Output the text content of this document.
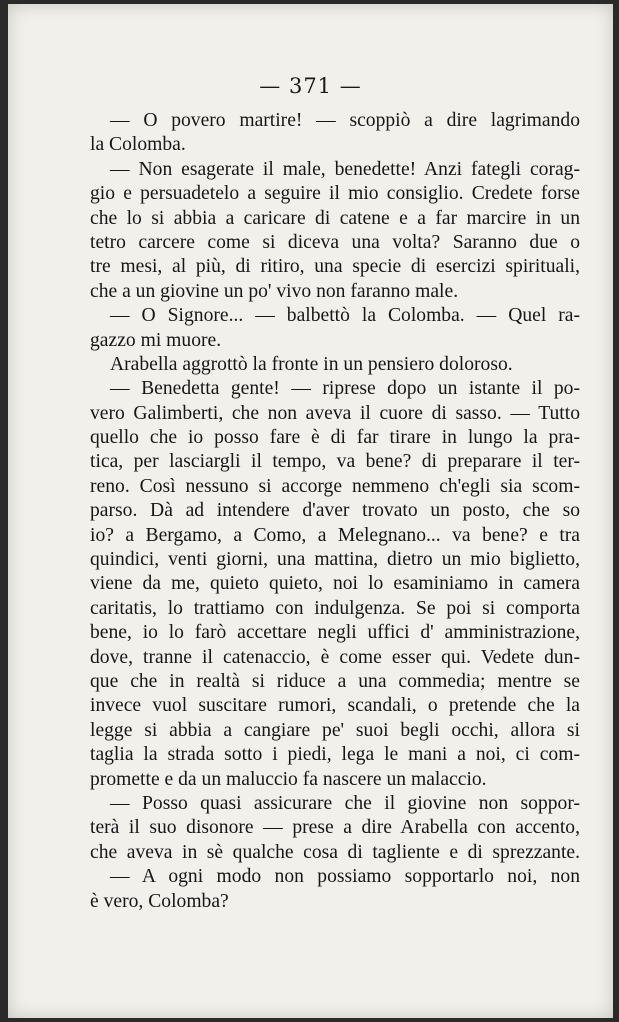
— 371 —
— O povero martire! — scoppiò a dire lagrimando
la Colomba.
— Non esagerate il male, benedette! Anzi fategli corag-
gio e persuadetelo a seguire il mio consiglio. Credete forse
che lo si abbia a caricare di catene e a far marcire in un
tetro carcere come si diceva una volta? Saranno due o
tre mesi, al più, di ritiro, una specie di esercizi spirituali,
che a un giovine un po' vivo non faranno male.
— O Signore... — balbettò la Colomba. — Quel ra-
gazzo mi muore.
Arabella aggrottò la fronte in un pensiero doloroso.
— Benedetta gente! — riprese dopo un istante il po-
vero Galimberti, che non aveva il cuore di sasso. — Tutto
quello che io posso fare è di far tirare in lungo la pra-
tica, per lasciargli il tempo, va bene? di preparare il ter-
reno. Così nessuno si accorge nemmeno ch'egli sia scom-
parso. Dà ad intendere d'aver trovato un posto, che so
io? a Bergamo, a Como, a Melegnano... va bene? e tra
quindici, venti giorni, una mattina, dietro un mio biglietto,
viene da me, quieto quieto, noi lo esaminiamo in camera
caritatis, lo trattiamo con indulgenza. Se poi si comporta
bene, io lo farò accettare negli uffici d' amministrazione,
dove, tranne il catenaccio, è come esser qui. Vedete dun-
que che in realtà si riduce a una commedia; mentre se
invece vuol suscitare rumori, scandali, o pretende che la
legge si abbia a cangiare pe' suoi begli occhi, allora si
taglia la strada sotto i piedi, lega le mani a noi, ci com-
promette e da un maluccio fa nascere un malaccio.
— Posso quasi assicurare che il giovine non soppor-
terà il suo disonore — prese a dire Arabella con accento,
che aveva in sè qualche cosa di tagliente e di sprezzante.
— A ogni modo non possiamo sopportarlo noi, non
è vero, Colomba?
